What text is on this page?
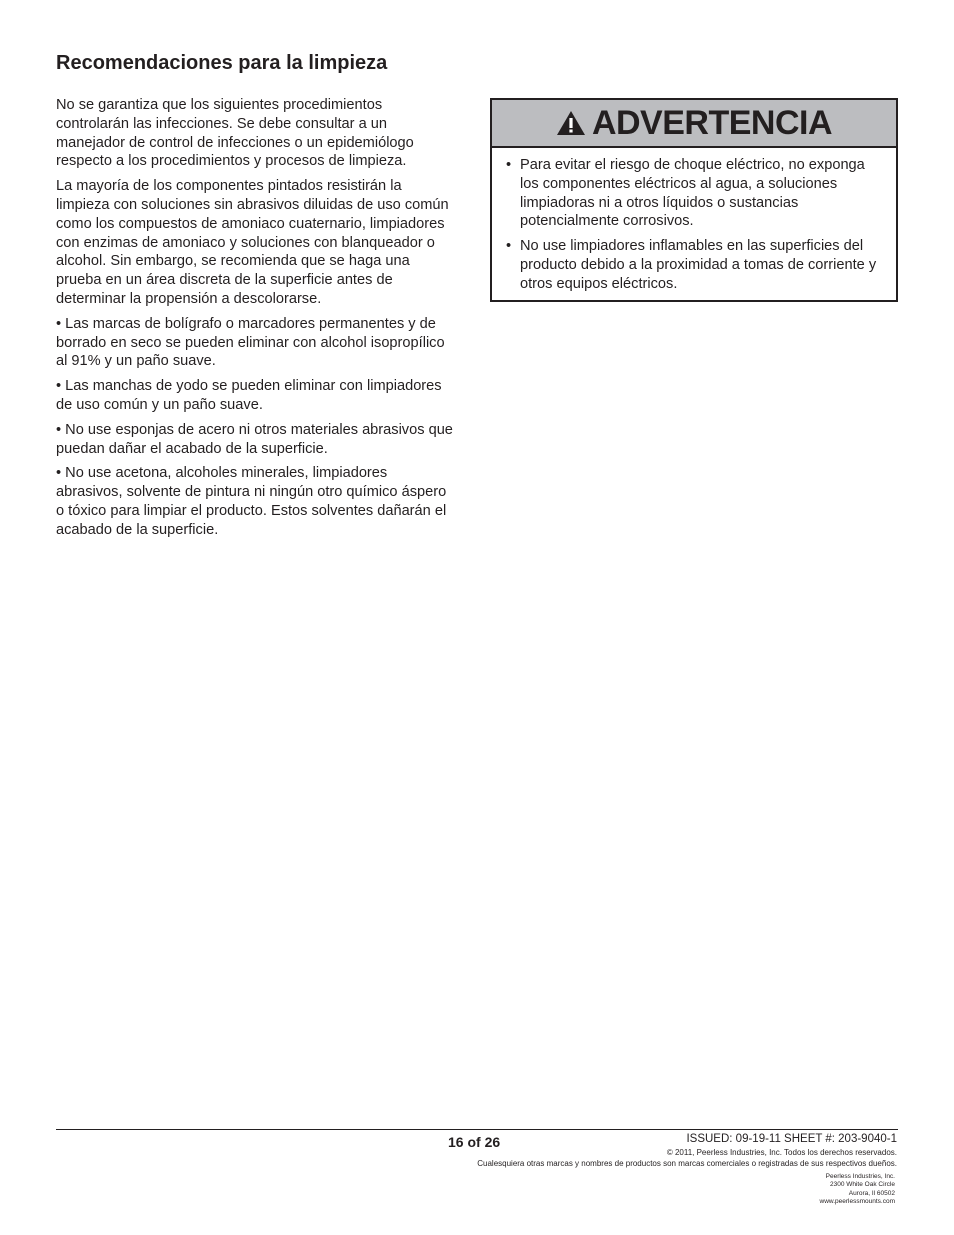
Recomendaciones para la limpieza

No se garantiza que los siguientes procedimientos controlarán las infecciones. Se debe consultar a un manejador de control de infecciones o un epidemiólogo respecto a los procedimientos y procesos de limpieza.

La mayoría de los componentes pintados resistirán la limpieza con soluciones sin abrasivos diluidas de uso común como los compuestos de amoniaco cuaternario, limpiadores con enzimas de amoniaco y soluciones con blanqueador o alcohol. Sin embargo, se recomienda que se haga una prueba en un área discreta de la superficie antes de determinar la propensión a descolorarse.

• Las marcas de bolígrafo o marcadores permanentes y de borrado en seco se pueden eliminar con alcohol isopropílico al 91% y un paño suave.

• Las manchas de yodo se pueden eliminar con limpiadores de uso común y un paño suave.

• No use esponjas de acero ni otros materiales abrasivos que puedan dañar el acabado de la superficie.

• No use acetona, alcoholes minerales, limpiadores abrasivos, solvente de pintura ni ningún otro químico áspero o tóxico para limpiar el producto. Estos solventes dañarán el acabado de la superficie.

ADVERTENCIA
• Para evitar el riesgo de choque eléctrico, no exponga los componentes eléctricos al agua, a soluciones limpiadoras ni a otros líquidos o sustancias potencialmente corrosivos.
• No use limpiadores inflamables en las superficies del producto debido a la proximidad a tomas de corriente y otros equipos eléctricos.
16 of 26	ISSUED: 09-19-11 SHEET #: 203-9040-1
© 2011, Peerless Industries, Inc. Todos los derechos reservados.
Cualesquiera otras marcas y nombres de productos son marcas comerciales o registradas de sus respectivos dueños.
Peerless Industries, Inc.
2300 White Oak Circle
Aurora, Il 60502
www.peerlessmounts.com
